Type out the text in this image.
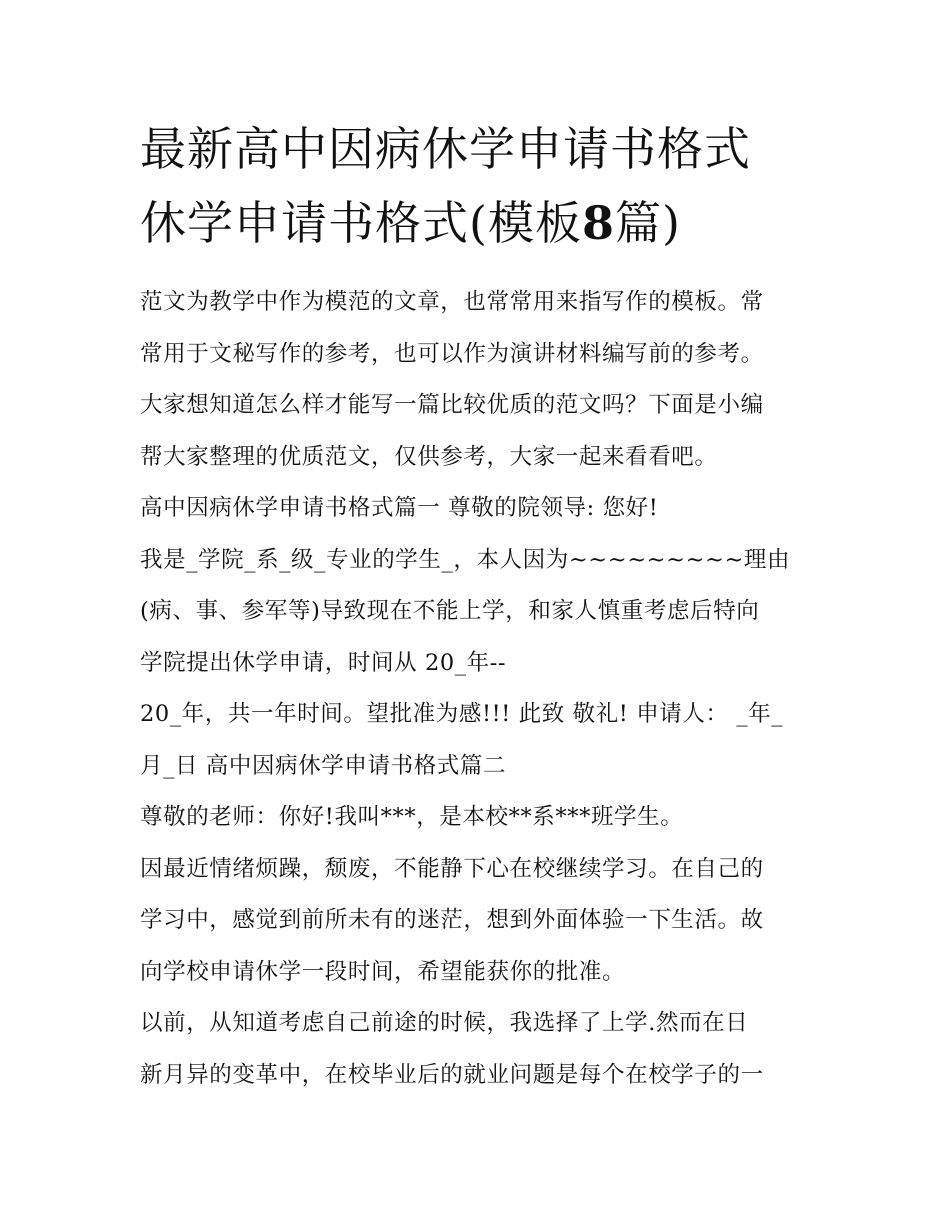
最新高中因病休学申请书格式
休学申请书格式(模板8篇)
范文为教学中作为模范的文章，也常常用来指写作的模板。常
常用于文秘写作的参考，也可以作为演讲材料编写前的参考。
大家想知道怎么样才能写一篇比较优质的范文吗？下面是小编
帮大家整理的优质范文，仅供参考，大家一起来看看吧。
高中因病休学申请书格式篇一 尊敬的院领导: 您好!
我是_学院_系_级_专业的学生_，本人因为~~~~~~~~~理由
(病、事、参军等)导致现在不能上学，和家人慎重考虑后特向
学院提出休学申请，时间从 20_年--
20_年，共一年时间。望批准为感!!! 此致 敬礼! 申请人： _年_
月_日 高中因病休学申请书格式篇二
尊敬的老师：你好!我叫***，是本校**系***班学生。
因最近情绪烦躁，颓废，不能静下心在校继续学习。在自己的
学习中，感觉到前所未有的迷茫，想到外面体验一下生活。故
向学校申请休学一段时间，希望能获你的批准。
以前，从知道考虑自己前途的时候，我选择了上学.然而在日
新月异的变革中，在校毕业后的就业问题是每个在校学子的一
